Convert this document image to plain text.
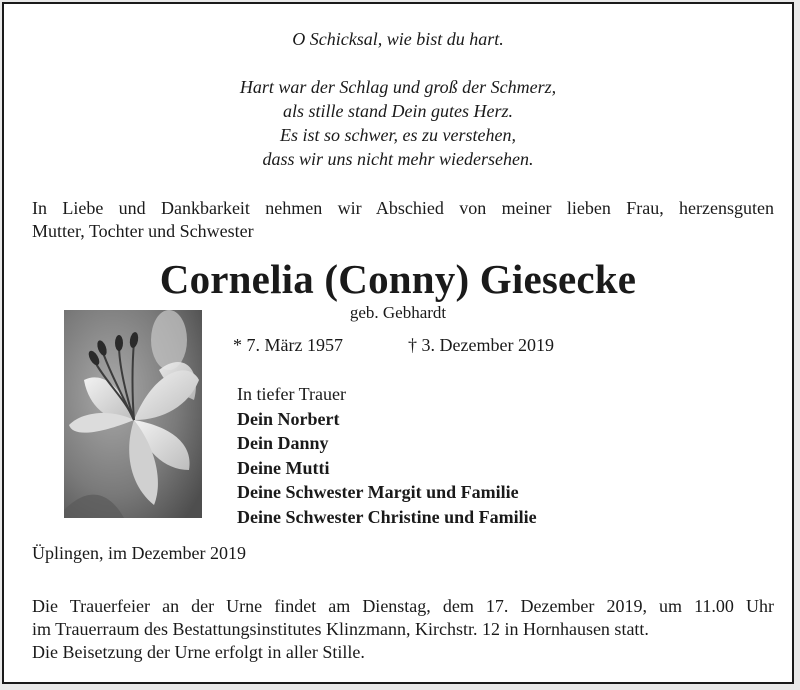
O Schicksal, wie bist du hart.
Hart war der Schlag und groß der Schmerz,
als stille stand Dein gutes Herz.
Es ist so schwer, es zu verstehen,
dass wir uns nicht mehr wiedersehen.
In Liebe und Dankbarkeit nehmen wir Abschied von meiner lieben Frau, herzensguten
Mutter, Tochter und Schwester
Cornelia (Conny) Giesecke
geb. Gebhardt
* 7. März 1957	† 3. Dezember 2019
In tiefer Trauer
Dein Norbert
Dein Danny
Deine Mutti
Deine Schwester Margit und Familie
Deine Schwester Christine und Familie
Üplingen, im Dezember 2019
Die Trauerfeier an der Urne findet am Dienstag, dem 17. Dezember 2019, um 11.00 Uhr
im Trauerraum des Bestattungsinstitutes Klinzmann, Kirchstr. 12 in Hornhausen statt.
Die Beisetzung der Urne erfolgt in aller Stille.
